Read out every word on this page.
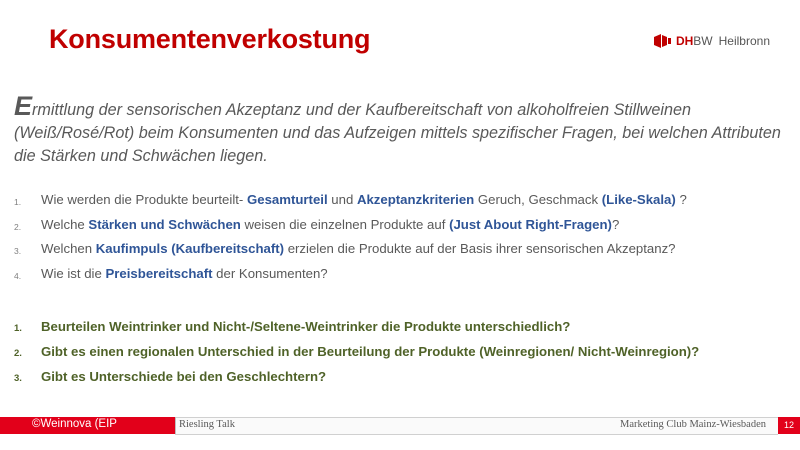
Konsumentenverkostung	DH BW Heilbronn
Ermittlung der sensorischen Akzeptanz und der Kaufbereitschaft von alkoholfreien Stillweinen (Weiß/Rosé/Rot) beim Konsumenten und das Aufzeigen mittels spezifischer Fragen, bei welchen Attributen die Stärken und Schwächen liegen.
1. Wie werden die Produkte beurteilt- Gesamturteil und Akzeptanzkriterien Geruch, Geschmack (Like-Skala) ?
2. Welche Stärken und Schwächen weisen die einzelnen Produkte auf (Just About Right-Fragen)?
3. Welchen Kaufimpuls (Kaufbereitschaft) erzielen die Produkte auf der Basis ihrer sensorischen Akzeptanz?
4. Wie ist die Preisbereitschaft der Konsumenten?
1. Beurteilen Weintrinker und Nicht-/Seltene-Weintrinker die Produkte unterschiedlich?
2. Gibt es einen regionalen Unterschied in der Beurteilung der Produkte (Weinregionen/ Nicht-Weinregion)?
3. Gibt es Unterschiede bei den Geschlechtern?
©Weinnova (EIP	Riesling Talk	Marketing Club Mainz-Wiesbaden	12
